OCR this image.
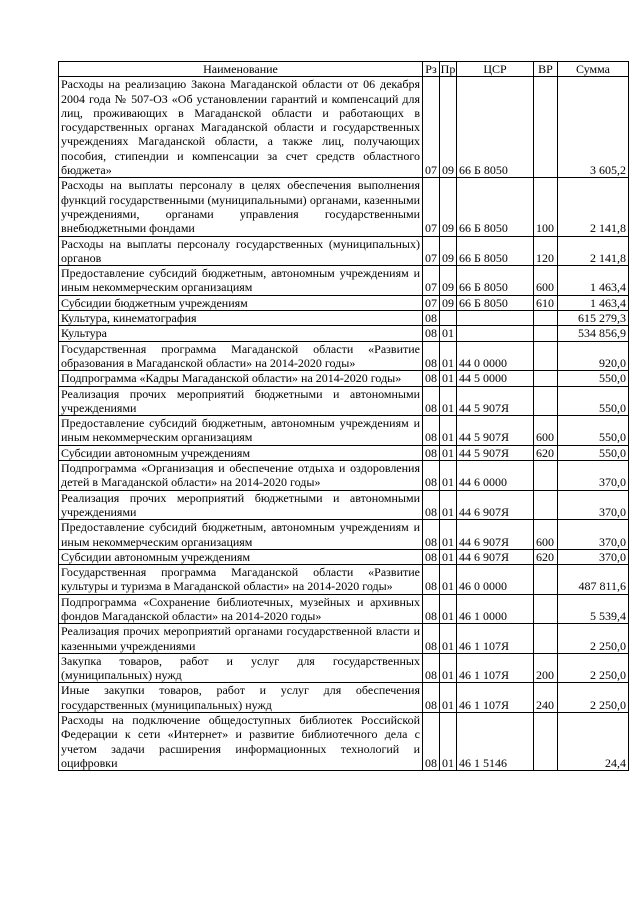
Наименование	Рз	Пр	ЦСР	ВР	Сумма
Расходы на реализацию Закона Магаданской области от 06 декабря 2004 года № 507-ОЗ «Об установлении гарантий и компенсаций для лиц, проживающих в Магаданской области и работающих в государственных органах Магаданской области и государственных учреждениях Магаданской области, а также лиц, получающих пособия, стипендии и компенсации за счет средств областного бюджета»	07	09	66 Б 8050		3 605,2
Расходы на выплаты персоналу в целях обеспечения выполнения функций государственными (муниципальными) органами, казенными учреждениями, органами управления государственными внебюджетными фондами	07	09	66 Б 8050	100	2 141,8
Расходы на выплаты персоналу государственных (муниципальных) органов	07	09	66 Б 8050	120	2 141,8
Предоставление субсидий бюджетным, автономным учреждениям и иным некоммерческим организациям	07	09	66 Б 8050	600	1 463,4
Субсидии бюджетным учреждениям	07	09	66 Б 8050	610	1 463,4
Культура, кинематография	08				615 279,3
Культура	08	01			534 856,9
Государственная программа Магаданской области «Развитие образования в Магаданской области» на 2014-2020 годы»	08	01	44 0 0000		920,0
Подпрограмма «Кадры Магаданской области» на 2014-2020 годы»	08	01	44 5 0000		550,0
Реализация прочих мероприятий бюджетными и автономными учреждениями	08	01	44 5 907Я		550,0
Предоставление субсидий бюджетным, автономным учреждениям и иным некоммерческим организациям	08	01	44 5 907Я	600	550,0
Субсидии автономным учреждениям	08	01	44 5 907Я	620	550,0
Подпрограмма «Организация и обеспечение отдыха и оздоровления детей в Магаданской области» на 2014-2020 годы»	08	01	44 6 0000		370,0
Реализация прочих мероприятий бюджетными и автономными учреждениями	08	01	44 6 907Я		370,0
Предоставление субсидий бюджетным, автономным учреждениям и иным некоммерческим организациям	08	01	44 6 907Я	600	370,0
Субсидии автономным учреждениям	08	01	44 6 907Я	620	370,0
Государственная программа Магаданской области «Развитие культуры и туризма в Магаданской области» на 2014-2020 годы»	08	01	46 0 0000		487 811,6
Подпрограмма «Сохранение библиотечных, музейных и архивных фондов Магаданской области» на 2014-2020 годы»	08	01	46 1 0000		5 539,4
Реализация прочих мероприятий органами государственной власти и казенными учреждениями	08	01	46 1 107Я		2 250,0
Закупка товаров, работ и услуг для государственных (муниципальных) нужд	08	01	46 1 107Я	200	2 250,0
Иные закупки товаров, работ и услуг для обеспечения государственных (муниципальных) нужд	08	01	46 1 107Я	240	2 250,0
Расходы на подключение общедоступных библиотек Российской Федерации к сети «Интернет» и развитие библиотечного дела с учетом задачи расширения информационных технологий и оцифровки	08	01	46 1 5146		24,4
